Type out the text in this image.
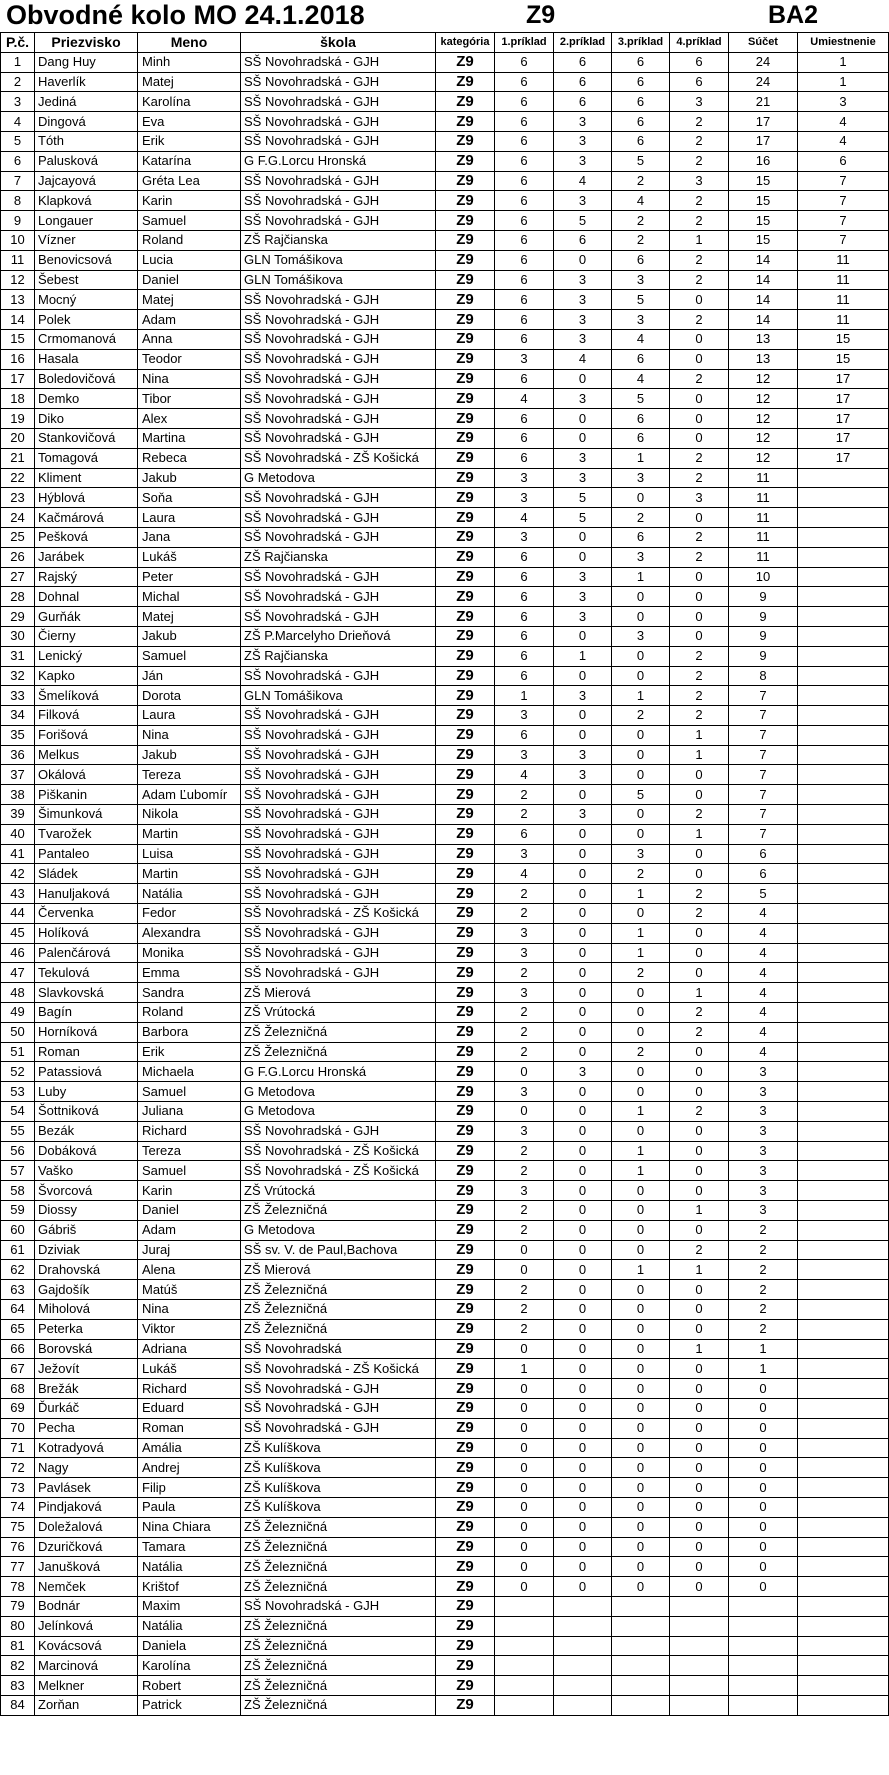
Obvodné kolo MO 24.1.2018	Z9	BA2
P.č.	Priezvisko	Meno	škola	kategória	1.príklad	2.príklad	3.príklad	4.príklad	Súčet	Umiestnenie
1	Dang Huy	Minh	SŠ Novohradská - GJH	Z9	6	6	6	6	24	1
2	Haverlík	Matej	SŠ Novohradská - GJH	Z9	6	6	6	6	24	1
3	Jediná	Karolína	SŠ Novohradská - GJH	Z9	6	6	6	3	21	3
4	Dingová	Eva	SŠ Novohradská - GJH	Z9	6	3	6	2	17	4
5	Tóth	Erik	SŠ Novohradská - GJH	Z9	6	3	6	2	17	4
6	Palusková	Katarína	G F.G.Lorcu Hronská	Z9	6	3	5	2	16	6
7	Jajcayová	Gréta Lea	SŠ Novohradská - GJH	Z9	6	4	2	3	15	7
8	Klapková	Karin	SŠ Novohradská - GJH	Z9	6	3	4	2	15	7
9	Longauer	Samuel	SŠ Novohradská - GJH	Z9	6	5	2	2	15	7
10	Vízner	Roland	ZŠ Rajčianska	Z9	6	6	2	1	15	7
11	Benovicsová	Lucia	GLN Tomášikova	Z9	6	0	6	2	14	11
12	Šebest	Daniel	GLN Tomášikova	Z9	6	3	3	2	14	11
13	Mocný	Matej	SŠ Novohradská - GJH	Z9	6	3	5	0	14	11
14	Polek	Adam	SŠ Novohradská - GJH	Z9	6	3	3	2	14	11
15	Crmomanová	Anna	SŠ Novohradská - GJH	Z9	6	3	4	0	13	15
16	Hasala	Teodor	SŠ Novohradská - GJH	Z9	3	4	6	0	13	15
17	Boledovičová	Nina	SŠ Novohradská - GJH	Z9	6	0	4	2	12	17
18	Demko	Tibor	SŠ Novohradská - GJH	Z9	4	3	5	0	12	17
19	Diko	Alex	SŠ Novohradská - GJH	Z9	6	0	6	0	12	17
20	Stankovičová	Martina	SŠ Novohradská - GJH	Z9	6	0	6	0	12	17
21	Tomagová	Rebeca	SŠ Novohradská - ZŠ Košická	Z9	6	3	1	2	12	17
22	Kliment	Jakub	G Metodova	Z9	3	3	3	2	11	
23	Hýblová	Soňa	SŠ Novohradská - GJH	Z9	3	5	0	3	11	
24	Kačmárová	Laura	SŠ Novohradská - GJH	Z9	4	5	2	0	11	
25	Pešková	Jana	SŠ Novohradská - GJH	Z9	3	0	6	2	11	
26	Jarábek	Lukáš	ZŠ Rajčianska	Z9	6	0	3	2	11	
27	Rajský	Peter	SŠ Novohradská - GJH	Z9	6	3	1	0	10	
28	Dohnal	Michal	SŠ Novohradská - GJH	Z9	6	3	0	0	9	
29	Gurňák	Matej	SŠ Novohradská - GJH	Z9	6	3	0	0	9	
30	Čierny	Jakub	ZŠ P.Marcelyho Drieňová	Z9	6	0	3	0	9	
31	Lenický	Samuel	ZŠ Rajčianska	Z9	6	1	0	2	9	
32	Kapko	Ján	SŠ Novohradská - GJH	Z9	6	0	0	2	8	
33	Šmelíková	Dorota	GLN Tomášikova	Z9	1	3	1	2	7	
34	Filková	Laura	SŠ Novohradská - GJH	Z9	3	0	2	2	7	
35	Forišová	Nina	SŠ Novohradská - GJH	Z9	6	0	0	1	7	
36	Melkus	Jakub	SŠ Novohradská - GJH	Z9	3	3	0	1	7	
37	Okálová	Tereza	SŠ Novohradská - GJH	Z9	4	3	0	0	7	
38	Piškanin	Adam Ľubomír	SŠ Novohradská - GJH	Z9	2	0	5	0	7	
39	Šimunková	Nikola	SŠ Novohradská - GJH	Z9	2	3	0	2	7	
40	Tvarožek	Martin	SŠ Novohradská - GJH	Z9	6	0	0	1	7	
41	Pantaleo	Luisa	SŠ Novohradská - GJH	Z9	3	0	3	0	6	
42	Sládek	Martin	SŠ Novohradská - GJH	Z9	4	0	2	0	6	
43	Hanuljaková	Natália	SŠ Novohradská - GJH	Z9	2	0	1	2	5	
44	Červenka	Fedor	SŠ Novohradská - ZŠ Košická	Z9	2	0	0	2	4	
45	Holíková	Alexandra	SŠ Novohradská - GJH	Z9	3	0	1	0	4	
46	Palenčárová	Monika	SŠ Novohradská - GJH	Z9	3	0	1	0	4	
47	Tekulová	Emma	SŠ Novohradská - GJH	Z9	2	0	2	0	4	
48	Slavkovská	Sandra	ZŠ Mierová	Z9	3	0	0	1	4	
49	Bagín	Roland	ZŠ Vrútocká	Z9	2	0	0	2	4	
50	Horníková	Barbora	ZŠ Železničná	Z9	2	0	0	2	4	
51	Roman	Erik	ZŠ Železničná	Z9	2	0	2	0	4	
52	Patassiová	Michaela	G F.G.Lorcu Hronská	Z9	0	3	0	0	3	
53	Luby	Samuel	G Metodova	Z9	3	0	0	0	3	
54	Šottniková	Juliana	G Metodova	Z9	0	0	1	2	3	
55	Bezák	Richard	SŠ Novohradská - GJH	Z9	3	0	0	0	3	
56	Dobáková	Tereza	SŠ Novohradská - ZŠ Košická	Z9	2	0	1	0	3	
57	Vaško	Samuel	SŠ Novohradská - ZŠ Košická	Z9	2	0	1	0	3	
58	Švorcová	Karin	ZŠ Vrútocká	Z9	3	0	0	0	3	
59	Diossy	Daniel	ZŠ Železničná	Z9	2	0	0	1	3	
60	Gábriš	Adam	G Metodova	Z9	2	0	0	0	2	
61	Dziviak	Juraj	SŠ sv. V. de Paul,Bachova	Z9	0	0	0	2	2	
62	Drahovská	Alena	ZŠ Mierová	Z9	0	0	1	1	2	
63	Gajdošík	Matúš	ZŠ Železničná	Z9	2	0	0	0	2	
64	Miholová	Nina	ZŠ Železničná	Z9	2	0	0	0	2	
65	Peterka	Viktor	ZŠ Železničná	Z9	2	0	0	0	2	
66	Borovská	Adriana	SŠ Novohradská	Z9	0	0	0	1	1	
67	Ježovít	Lukáš	SŠ Novohradská - ZŠ Košická	Z9	1	0	0	0	1	
68	Brežák	Richard	SŠ Novohradská - GJH	Z9	0	0	0	0	0	
69	Ďurkáč	Eduard	SŠ Novohradská - GJH	Z9	0	0	0	0	0	
70	Pecha	Roman	SŠ Novohradská - GJH	Z9	0	0	0	0	0	
71	Kotradyová	Amália	ZŠ Kulíškova	Z9	0	0	0	0	0	
72	Nagy	Andrej	ZŠ Kulíškova	Z9	0	0	0	0	0	
73	Pavlásek	Filip	ZŠ Kulíškova	Z9	0	0	0	0	0	
74	Pindjaková	Paula	ZŠ Kulíškova	Z9	0	0	0	0	0	
75	Doležalová	Nina Chiara	ZŠ Železničná	Z9	0	0	0	0	0	
76	Dzuričková	Tamara	ZŠ Železničná	Z9	0	0	0	0	0	
77	Janušková	Natália	ZŠ Železničná	Z9	0	0	0	0	0	
78	Nemček	Krištof	ZŠ Železničná	Z9	0	0	0	0	0	
79	Bodnár	Maxim	SŠ Novohradská - GJH	Z9						
80	Jelínková	Natália	ZŠ Železničná	Z9						
81	Kovácsová	Daniela	ZŠ Železničná	Z9						
82	Marcinová	Karolína	ZŠ Železničná	Z9						
83	Melkner	Robert	ZŠ Železničná	Z9						
84	Zorňan	Patrick	ZŠ Železničná	Z9						
